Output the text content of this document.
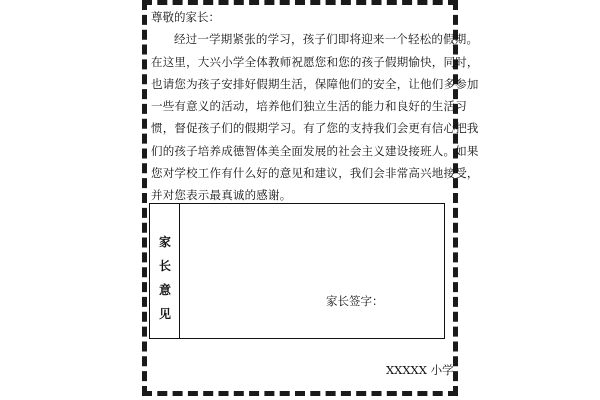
尊敬的家长：

经过一学期紧张的学习，孩子们即将迎来一个轻松的假期。

在这里，大兴小学全体教师祝愿您和您的孩子假期愉快，同时，

也请您为孩子安排好假期生活，保障他们的安全，让他们多参加

一些有意义的活动，培养他们独立生活的能力和良好的生活习

惯，督促孩子们的假期学习。有了您的支持我们会更有信心把我

们的孩子培养成德智体美全面发展的社会主义建设接班人。如果

您对学校工作有什么好的意见和建议，我们会非常高兴地接受，

并对您表示最真诚的感谢。

家长意见
家长签字：
XXXXX 小学
